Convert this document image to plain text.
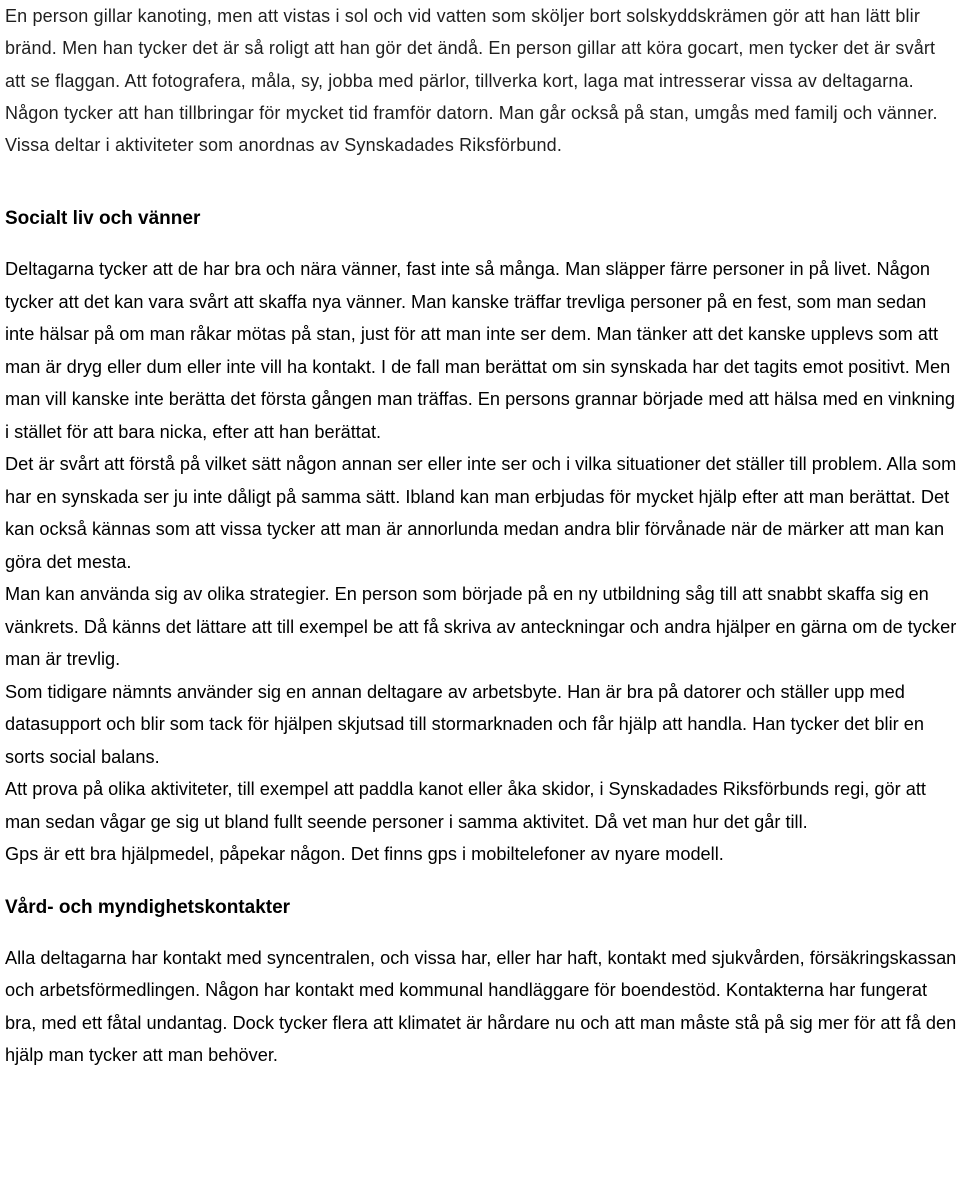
En person gillar kanoting, men att vistas i sol och vid vatten som sköljer bort solskyddskrämen gör att han lätt blir bränd. Men han tycker det är så roligt att han gör det ändå. En person gillar att köra gocart, men tycker det är svårt att se flaggan. Att fotografera, måla, sy, jobba med pärlor, tillverka kort, laga mat intresserar vissa av deltagarna. Någon tycker att han tillbringar för mycket tid framför datorn. Man går också på stan, umgås med familj och vänner. Vissa deltar i aktiviteter som anordnas av Synskadades Riksförbund.

Socialt liv och vänner

Deltagarna tycker att de har bra och nära vänner, fast inte så många. Man släpper färre personer in på livet. Någon tycker att det kan vara svårt att skaffa nya vänner. Man kanske träffar trevliga personer på en fest, som man sedan inte hälsar på om man råkar mötas på stan, just för att man inte ser dem. Man tänker att det kanske upplevs som att man är dryg eller dum eller inte vill ha kontakt. I de fall man berättat om sin synskada har det tagits emot positivt. Men man vill kanske inte berätta det första gången man träffas. En persons grannar började med att hälsa med en vinkning i stället för att bara nicka, efter att han berättat.

Det är svårt att förstå på vilket sätt någon annan ser eller inte ser och i vilka situationer det ställer till problem. Alla som har en synskada ser ju inte dåligt på samma sätt. Ibland kan man erbjudas för mycket hjälp efter att man berättat. Det kan också kännas som att vissa tycker att man är annorlunda medan andra blir förvånade när de märker att man kan göra det mesta.

Man kan använda sig av olika strategier. En person som började på en ny utbildning såg till att snabbt skaffa sig en vänkrets. Då känns det lättare att till exempel be att få skriva av anteckningar och andra hjälper en gärna om de tycker man är trevlig.

Som tidigare nämnts använder sig en annan deltagare av arbetsbyte. Han är bra på datorer och ställer upp med datasupport och blir som tack för hjälpen skjutsad till stormarknaden och får hjälp att handla. Han tycker det blir en sorts social balans.

Att prova på olika aktiviteter, till exempel att paddla kanot eller åka skidor, i Synskadades Riksförbunds regi, gör att man sedan vågar ge sig ut bland fullt seende personer i samma aktivitet. Då vet man hur det går till.

Gps är ett bra hjälpmedel, påpekar någon. Det finns gps i mobiltelefoner av nyare modell.

Vård- och myndighetskontakter

Alla deltagarna har kontakt med syncentralen, och vissa har, eller har haft, kontakt med sjukvården, försäkringskassan och arbetsförmedlingen. Någon har kontakt med kommunal handläggare för boendestöd. Kontakterna har fungerat bra, med ett fåtal undantag. Dock tycker flera att klimatet är hårdare nu och att man måste stå på sig mer för att få den hjälp man tycker att man behöver.
